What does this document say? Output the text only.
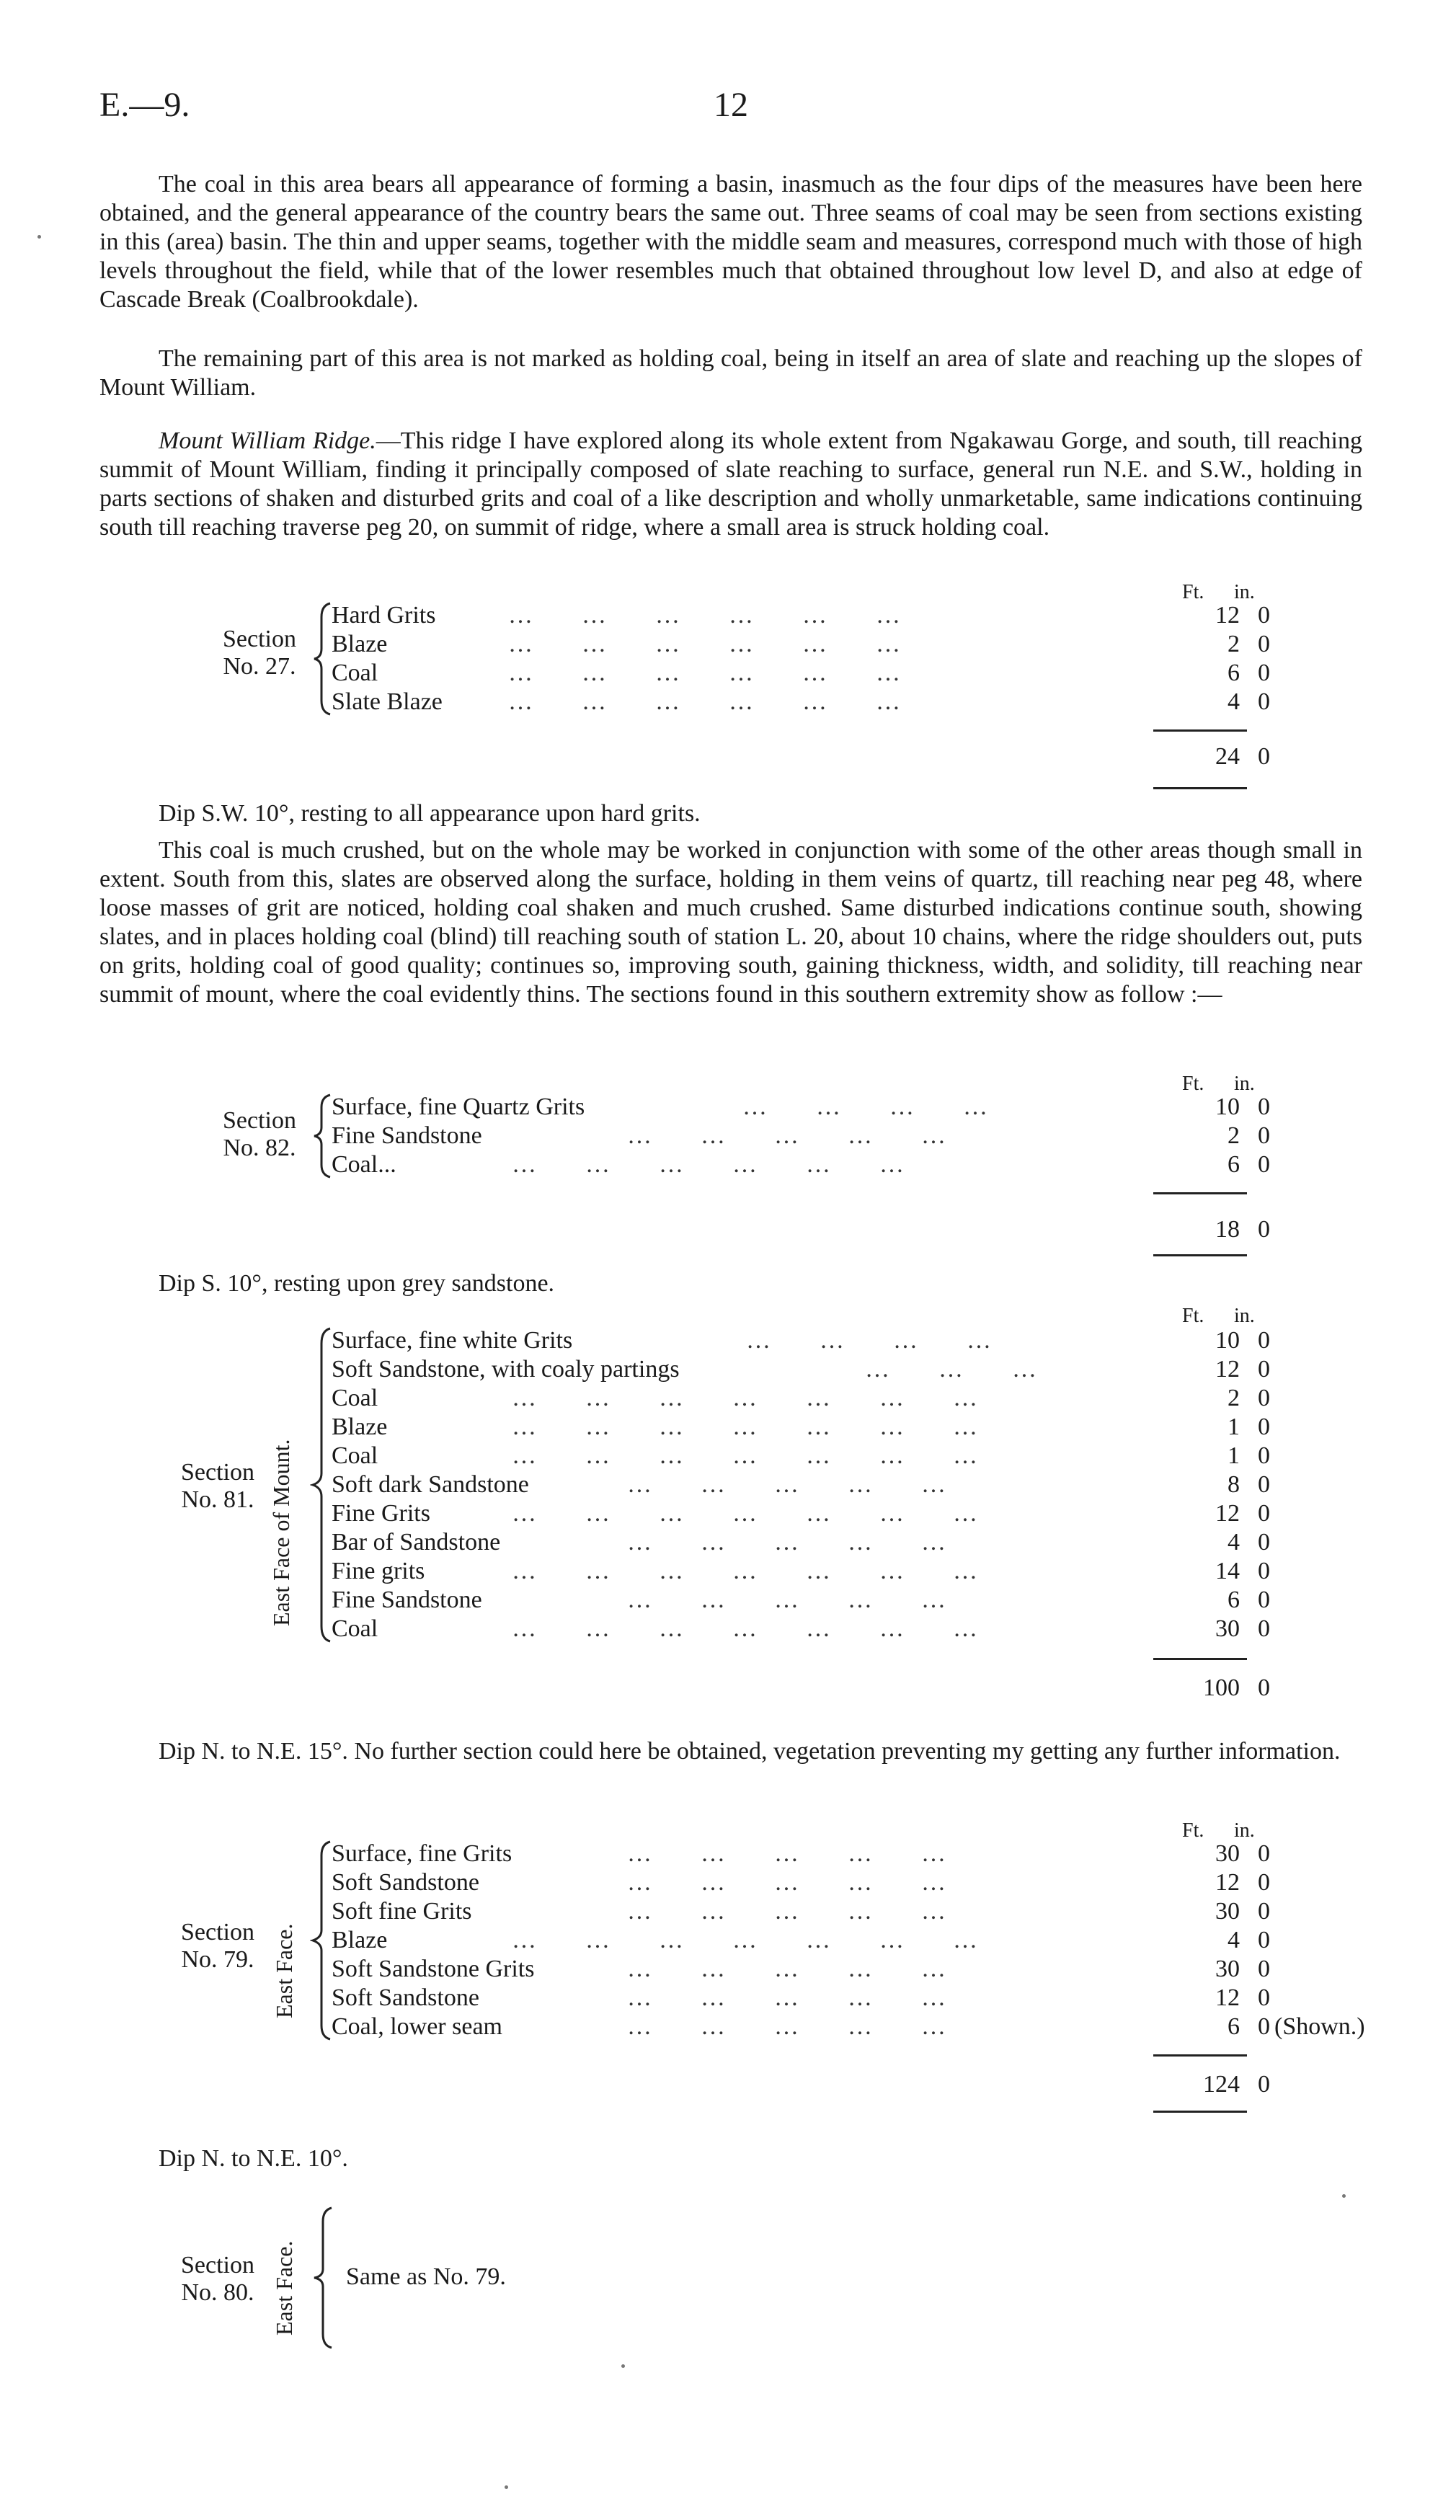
E.—9.	12
The coal in this area bears all appearance of forming a basin, inasmuch as the four dips of the measures have been here obtained, and the general appearance of the country bears the same out. Three seams of coal may be seen from sections existing in this (area) basin. The thin and upper seams, together with the middle seam and measures, correspond much with those of high levels throughout the field, while that of the lower resembles much that obtained throughout low level D, and also at edge of Cascade Break (Coalbrookdale).
The remaining part of this area is not marked as holding coal, being in itself an area of slate and reaching up the slopes of Mount William.
Mount William Ridge.—This ridge I have explored along its whole extent from Ngakawau Gorge, and south, till reaching summit of Mount William, finding it principally composed of slate reaching to surface, general run N.E. and S.W., holding in parts sections of shaken and disturbed grits and coal of a like description and wholly unmarketable, same indications continuing south till reaching traverse peg 20, on summit of ridge, where a small area is struck holding coal.
Ft. in.
Section No. 27.
Hard Grits	…        …        …        …        …        …	12 0
Blaze	…        …        …        …        …        …	2 0
Coal	…        …        …        …        …        …	6 0
Slate Blaze	…        …        …        …        …        …	4 0
24 0
Dip S.W. 10°, resting to all appearance upon hard grits.
This coal is much crushed, but on the whole may be worked in conjunction with some of the other areas though small in extent. South from this, slates are observed along the surface, holding in them veins of quartz, till reaching near peg 48, where loose masses of grit are noticed, holding coal shaken and much crushed. Same disturbed indications continue south, showing slates, and in places holding coal (blind) till reaching south of station L. 20, about 10 chains, where the ridge shoulders out, puts on grits, holding coal of good quality; continues so, improving south, gaining thickness, width, and solidity, till reaching near summit of mount, where the coal evidently thins. The sections found in this southern extremity show as follow :—
Ft. in.
Section No. 82.
Surface, fine Quartz Grits	…        …        …        …	10 0
Fine Sandstone	…        …        …        …        …	2 0
Coal...	…        …        …        …        …        …	6 0
18 0
Dip S. 10°, resting upon grey sandstone.
Ft. in.
East Face of Mount.
Section No. 81.
Surface, fine white Grits	…        …        …        …	10 0
Soft Sandstone, with coaly partings	…        …        …	12 0
Coal	…        …        …        …        …        …        …	2 0
Blaze	…        …        …        …        …        …        …	1 0
Coal	…        …        …        …        …        …        …	1 0
Soft dark Sandstone	…        …        …        …        …	8 0
Fine Grits	…        …        …        …        …        …        …	12 0
Bar of Sandstone	…        …        …        …        …	4 0
Fine grits	…        …        …        …        …        …        …	14 0
Fine Sandstone	…        …        …        …        …	6 0
Coal	…        …        …        …        …        …        …	30 0
100 0
Dip N. to N.E. 15°. No further section could here be obtained, vegetation preventing my getting any further information.
Ft. in.
East Face.
Section No. 79.
Surface, fine Grits	…        …        …        …        …	30 0
Soft Sandstone	…        …        …        …        …	12 0
Soft fine Grits	…        …        …        …        …	30 0
Blaze	…        …        …        …        …        …        …	4 0
Soft Sandstone Grits	…        …        …        …        …	30 0
Soft Sandstone	…        …        …        …        …	12 0
Coal, lower seam	…        …        …        …        …	6 0 (Shown.)
124 0
Dip N. to N.E. 10°.
East Face.
Section No. 80.
Same as No. 79.
